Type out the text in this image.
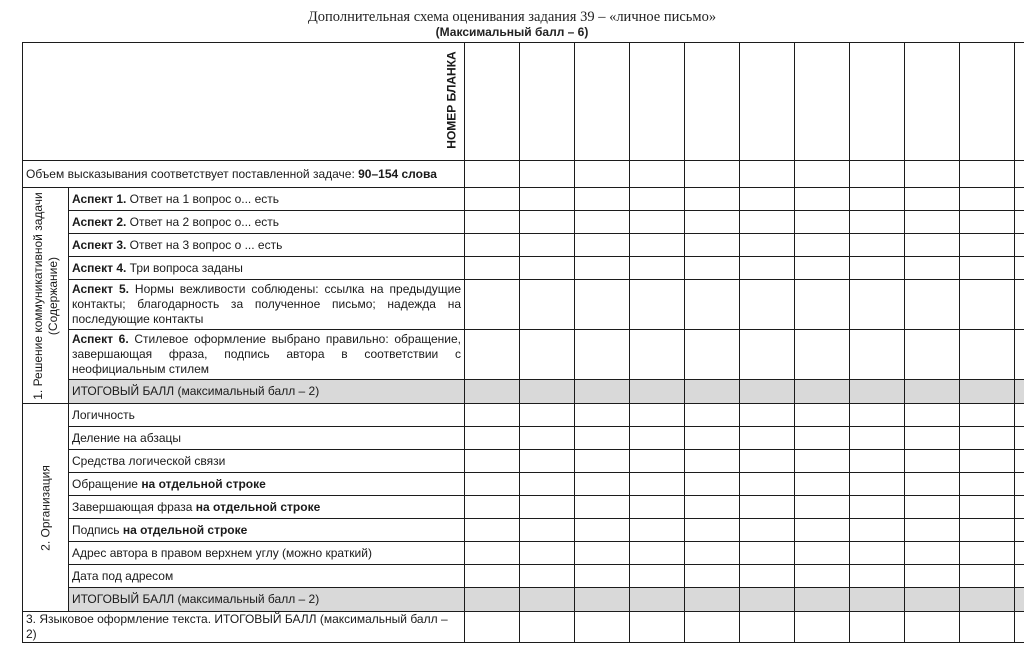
Дополнительная схема оценивания задания 39 – «личное письмо»
(Максимальный балл – 6)
НОМЕР БЛАНКА												

Объем высказывания соответствует поставленной задаче: 90–154 слова												

1. Решение коммуникативной задачи
(Содержание)	Аспект 1. Ответ на 1 вопрос о... есть											
	Аспект 2. Ответ на 2 вопрос о... есть											
	Аспект 3. Ответ на 3 вопрос о ... есть											
	Аспект 4. Три вопроса заданы											
	Аспект 5. Нормы вежливости соблюдены: ссылка на предыдущие контакты; благодарность за полученное письмо; надежда на последующие контакты											
	Аспект 6. Стилевое оформление выбрано правильно: обращение, завершающая фраза, подпись автора в соответствии с неофициальным стилем											
	ИТОГОВЫЙ БАЛЛ (максимальный балл – 2)											

2. Организация	Логичность											
	Деление на абзацы											
	Средства логической связи											
	Обращение на отдельной строке											
	Завершающая фраза на отдельной строке											
	Подпись на отдельной строке											
	Адрес автора в правом верхнем углу (можно краткий)											
	Дата под адресом											
	ИТОГОВЫЙ БАЛЛ (максимальный балл – 2)											
3. Языковое оформление текста. ИТОГОВЫЙ БАЛЛ (максимальный балл – 2)												
